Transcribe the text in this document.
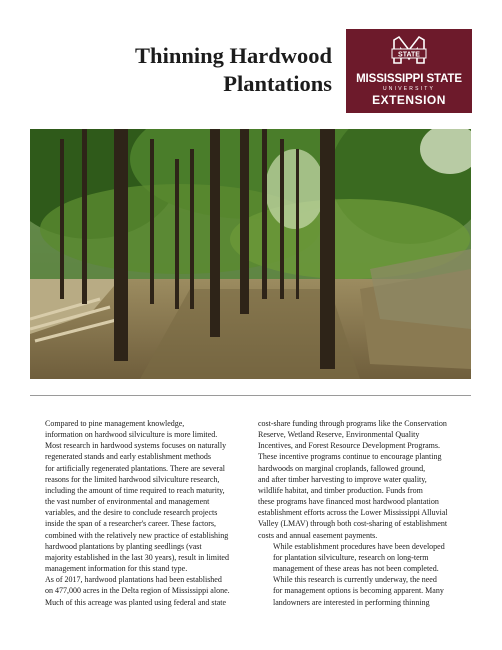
Thinning Hardwood
Plantations
STATE
MISSISSIPPI STATE
UNIVERSITY
EXTENSION

Compared to pine management knowledge,
information on hardwood silviculture is more limited.
Most research in hardwood systems focuses on naturally
regenerated stands and early establishment methods
for artificially regenerated plantations. There are several
reasons for the limited hardwood silviculture research,
including the amount of time required to reach maturity,
the vast number of environmental and management
variables, and the desire to conclude research projects
inside the span of a researcher's career. These factors,
combined with the relatively new practice of establishing
hardwood plantations by planting seedlings (vast
majority established in the last 30 years), result in limited
management information for this stand type.

As of 2017, hardwood plantations had been established
on 477,000 acres in the Delta region of Mississippi alone.
Much of this acreage was planted using federal and state

cost-share funding through programs like the Conservation
Reserve, Wetland Reserve, Environmental Quality
Incentives, and Forest Resource Development Programs.
These incentive programs continue to encourage planting
hardwoods on marginal croplands, fallowed ground,
and after timber harvesting to improve water quality,
wildlife habitat, and timber production. Funds from
these programs have financed most hardwood plantation
establishment efforts across the Lower Mississippi Alluvial
Valley (LMAV) through both cost-sharing of establishment
costs and annual easement payments.

While establishment procedures have been developed
for plantation silviculture, research on long-term
management of these areas has not been completed.
While this research is currently underway, the need
for management options is becoming apparent. Many
landowners are interested in performing thinning
